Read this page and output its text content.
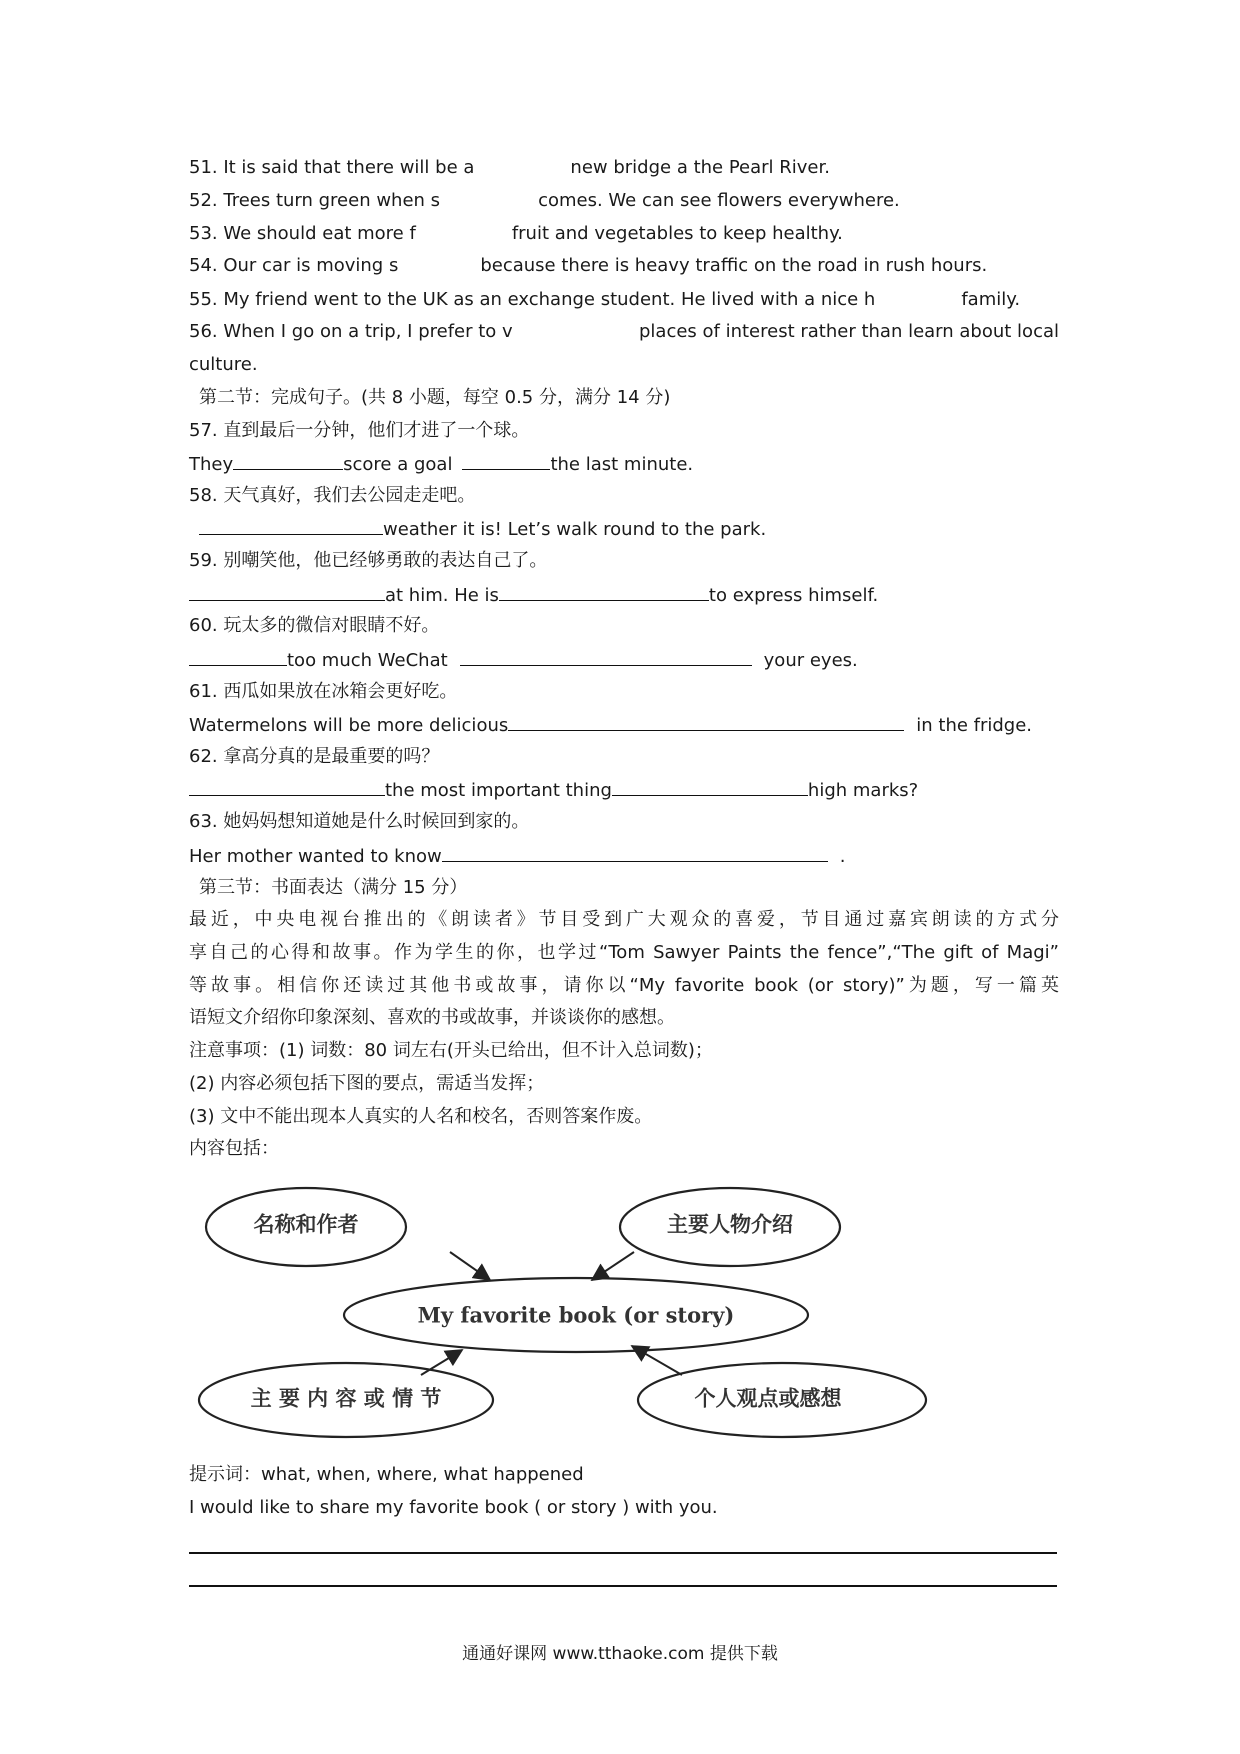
51. It is said that there will be a	new bridge a the Pearl River.
52. Trees turn green when s	comes. We can see flowers everywhere.
53. We should eat more f	fruit and vegetables to keep healthy.
54. Our car is moving s	because there is heavy traffic on the road in rush hours.
55. My friend went to the UK as an exchange student. He lived with a nice h	family.
56. When I go on a trip, I prefer to v	places of interest rather than learn about local
culture.
第二节：完成句子。(共 8 小题，每空 0.5 分，满分 14 分)
57. 直到最后一分钟，他们才进了一个球。
They	score a goal	the last minute.
58. 天气真好，我们去公园走走吧。
weather it is! Let’s walk round to the park.
59. 别嘲笑他，他已经够勇敢的表达自己了。
at him. He is	to express himself.
60. 玩太多的微信对眼睛不好。
too much WeChat	your eyes.
61. 西瓜如果放在冰箱会更好吃。
Watermelons will be more delicious	in the fridge.
62. 拿高分真的是最重要的吗？
the most important thing	high marks?
63. 她妈妈想知道她是什么时候回到家的。
Her mother wanted to know	.
第三节：书面表达（满分 15 分）
最近，中央电视台推出的《朗读者》节目受到广大观众的喜爱，节目通过嘉宾朗读的方式分
享自己的心得和故事。作为学生的你，也学过“Tom Sawyer Paints the fence”,“The gift of Magi”
等故事。相信你还读过其他书或故事，请你以“My favorite book (or story)”为题，写一篇英
语短文介绍你印象深刻、喜欢的书或故事，并谈谈你的感想。
注意事项：(1) 词数：80 词左右(开头已给出，但不计入总词数)；
(2) 内容必须包括下图的要点，需适当发挥；
(3) 文中不能出现本人真实的人名和校名，否则答案作废。
内容包括：
My favorite book (or story)
名称和作者	主要人物介绍
主 要 内 容 或 情 节	个人观点或感想
提示词：what, when, where, what happened
I would like to share my favorite book ( or story ) with you.
通通好课网 www.tthaoke.com 提供下载
